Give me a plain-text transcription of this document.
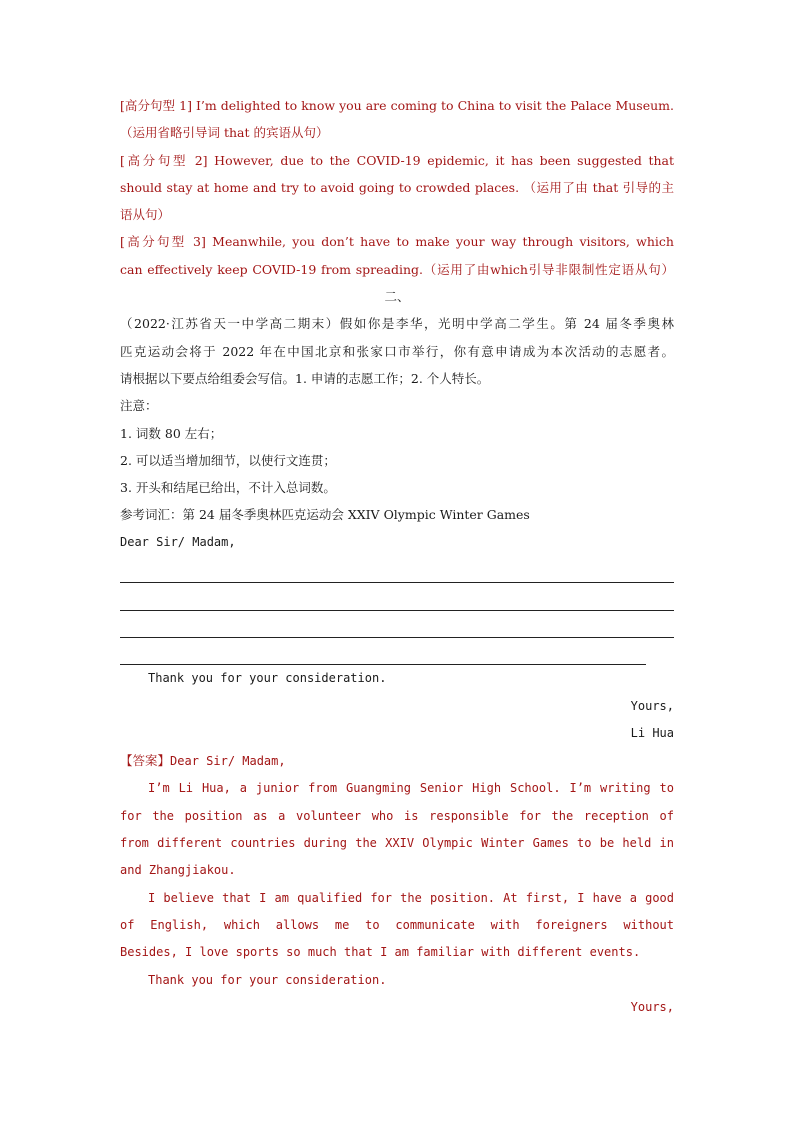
[高分句型 1] I’m delighted to know you are coming to China to visit the Palace Museum.
（运用省略引导词 that 的宾语从句）
[高分句型 2] However, due to the COVID-19 epidemic, it has been suggested that
should stay at home and try to avoid going to crowded places. （运用了由 that 引导的主
语从句）
[高分句型 3] Meanwhile, you don’t have to make your way through visitors, which
can effectively keep COVID-19 from spreading.（运用了由which引导非限制性定语从句）
二、
（2022·江苏省天一中学高二期末）假如你是李华，光明中学高二学生。第 24 届冬季奥林
匹克运动会将于 2022 年在中国北京和张家口市举行，你有意申请成为本次活动的志愿者。
请根据以下要点给组委会写信。1. 申请的志愿工作；2. 个人特长。
注意：
1. 词数 80 左右；
2. 可以适当增加细节，以使行文连贯；
3. 开头和结尾已给出，不计入总词数。
参考词汇：第 24 届冬季奥林匹克运动会 XXIV Olympic Winter Games
Dear Sir/ Madam,
Thank you for your consideration.
Yours,
Li Hua
【答案】Dear Sir/ Madam,
I’m Li Hua, a junior from Guangming Senior High School. I’m writing to
for the position as a volunteer who is responsible for the reception of
from different countries during the XXIV Olympic Winter Games to be held in
and Zhangjiakou.
I believe that I am qualified for the position. At first, I have a good
of English, which allows me to communicate with foreigners without
Besides, I love sports so much that I am familiar with different events.
Thank you for your consideration.
Yours,
